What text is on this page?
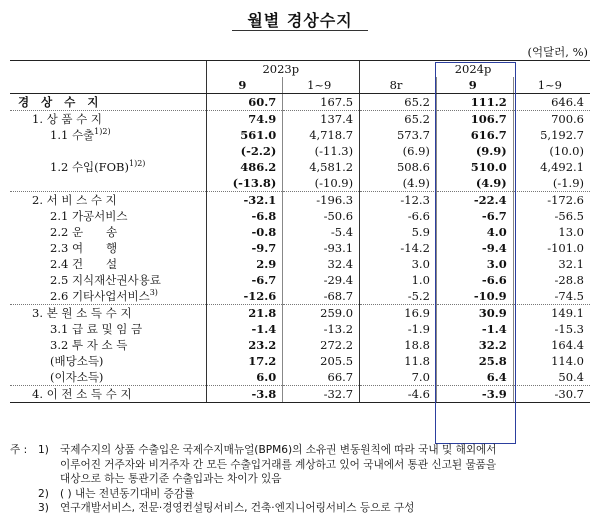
월별 경상수지
(억달러, %)
	2023p		2024p		
	9	1~9	8r	9	1~9
경 상 수 지	60.7	167.5	65.2	111.2	646.4
1. 상 품 수 지	74.9	137.4	65.2	106.7	700.6
1.1 수출$^{1)2)}$	561.0	4,718.7	573.7	616.7	5,192.7
	(-2.2)	(-11.3)	(6.9)	(9.9)	(10.0)
1.2 수입(FOB)$^{1)2)}$	486.2	4,581.2	508.6	510.0	4,492.1
	(-13.8)	(-10.9)	(4.9)	(4.9)	(-1.9)
2. 서 비 스 수 지	-32.1	-196.3	-12.3	-22.4	-172.6
2.1 가공서비스	-6.8	-50.6	-6.6	-6.7	-56.5
2.2 운　　송	-0.8	-5.4	5.9	4.0	13.0
2.3 여　　행	-9.7	-93.1	-14.2	-9.4	-101.0
2.4 건　　설	2.9	32.4	3.0	3.0	32.1
2.5 지식재산권사용료	-6.7	-29.4	1.0	-6.6	-28.8
2.6 기타사업서비스$^{3)}$	-12.6	-68.7	-5.2	-10.9	-74.5
3. 본 원 소 득 수 지	21.8	259.0	16.9	30.9	149.1
3.1 급 료 및 임 금	-1.4	-13.2	-1.9	-1.4	-15.3
3.2 투 자 소 득	23.2	272.2	18.8	32.2	164.4
(배당소득)	17.2	205.5	11.8	25.8	114.0
(이자소득)	6.0	66.7	7.0	6.4	50.4
4. 이 전 소 득 수 지	-3.8	-32.7	-4.6	-3.9	-30.7
주 :	1)	국제수지의 상품 수출입은 국제수지매뉴얼(BPM6)의 소유권 변동원칙에 따라 국내 및 해외에서
이루어진 거주자와 비거주자 간 모든 수출입거래를 계상하고 있어 국내에서 통관 신고된 물품을
대상으로 하는 통관기준 수출입과는 차이가 있음
2)	( ) 내는 전년동기대비 증감률
3)	연구개발서비스, 전문·경영컨설팅서비스, 건축·엔지니어링서비스 등으로 구성
